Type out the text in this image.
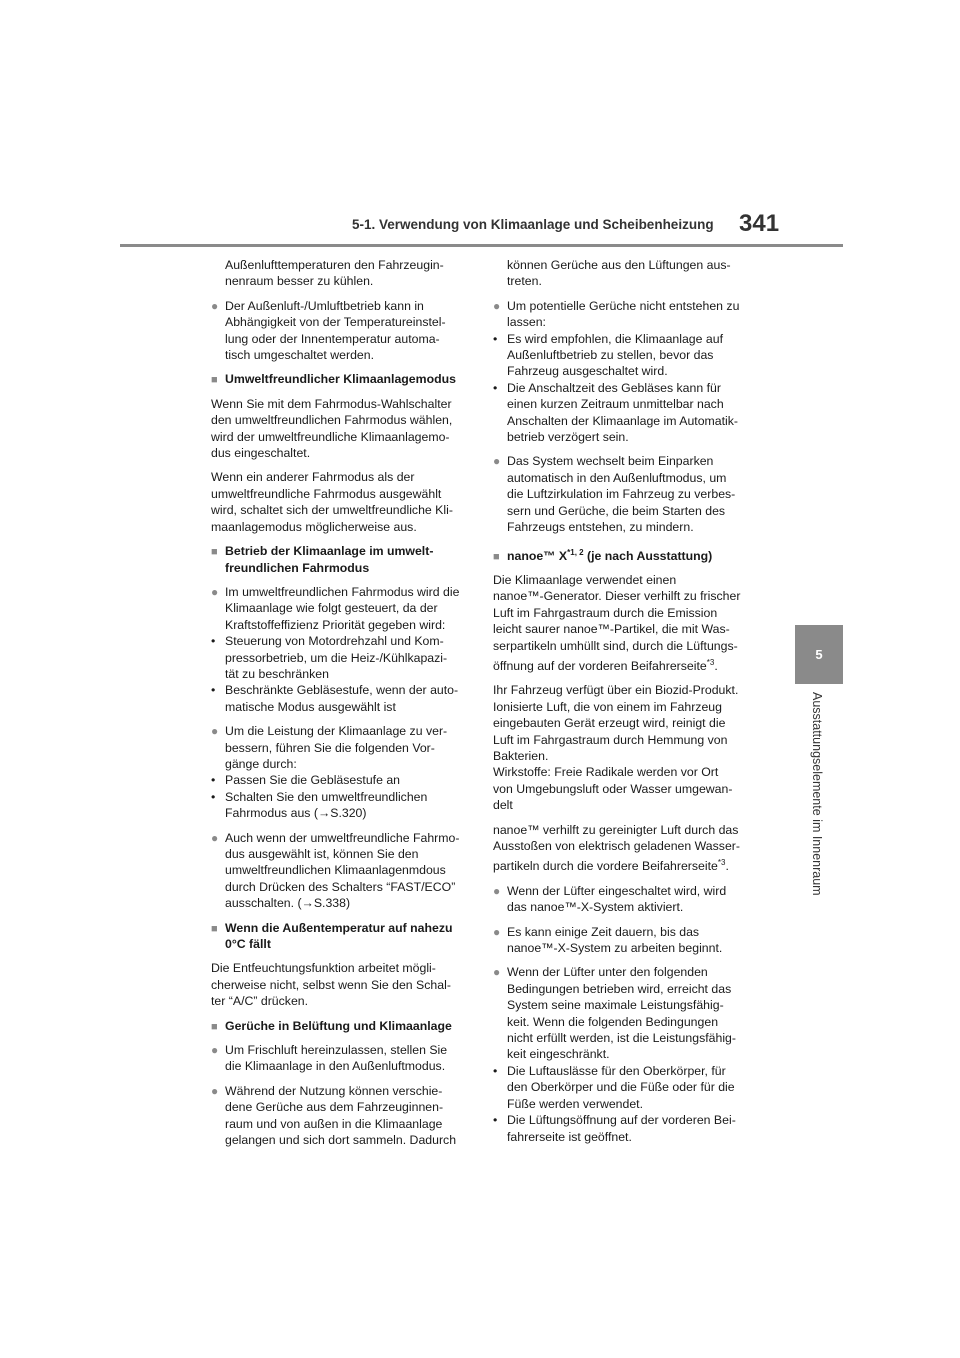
5-1. Verwendung von Klimaanlage und Scheibenheizung 341
5
Ausstattungselemente im Innenraum
Außenlufttemperaturen den Fahrzeugin-
nenraum besser zu kühlen.
●
Der Außenluft-/Umluftbetrieb kann in
Abhängigkeit von der Temperatureinstel-
lung oder der Innentemperatur automa-
tisch umgeschaltet werden.
■
Umweltfreundlicher Klimaanlagemodus
Wenn Sie mit dem Fahrmodus-Wahlschalter
den umweltfreundlichen Fahrmodus wählen,
wird der umweltfreundliche Klimaanlagemo-
dus eingeschaltet.
Wenn ein anderer Fahrmodus als der
umweltfreundliche Fahrmodus ausgewählt
wird, schaltet sich der umweltfreundliche Kli-
maanlagemodus möglicherweise aus.
■
Betrieb der Klimaanlage im umwelt-
freundlichen Fahrmodus
●
Im umweltfreundlichen Fahrmodus wird die
Klimaanlage wie folgt gesteuert, da der
Kraftstoffeffizienz Priorität gegeben wird:
• Steuerung von Motordrehzahl und Kom-
pressorbetrieb, um die Heiz-/Kühlkapazi-
tät zu beschränken
• Beschränkte Gebläsestufe, wenn der auto-
matische Modus ausgewählt ist
●
Um die Leistung der Klimaanlage zu ver-
bessern, führen Sie die folgenden Vor-
gänge durch:
• Passen Sie die Gebläsestufe an
• Schalten Sie den umweltfreundlichen
Fahrmodus aus (→S.320)
●
Auch wenn der umweltfreundliche Fahrmo-
dus ausgewählt ist, können Sie den
umweltfreundlichen Klimaanlagenmdous
durch Drücken des Schalters “FAST/ECO”
ausschalten. (→S.338)
■
Wenn die Außentemperatur auf nahezu
0°C fällt
Die Entfeuchtungsfunktion arbeitet mögli-
cherweise nicht, selbst wenn Sie den Schal-
ter “A/C” drücken.
■
Gerüche in Belüftung und Klimaanlage
●
Um Frischluft hereinzulassen, stellen Sie
die Klimaanlage in den Außenluftmodus.
●
Während der Nutzung können verschie-
dene Gerüche aus dem Fahrzeuginnen-
raum und von außen in die Klimaanlage
gelangen und sich dort sammeln. Dadurch
können Gerüche aus den Lüftungen aus-
treten.
●
Um potentielle Gerüche nicht entstehen zu
lassen:
• Es wird empfohlen, die Klimaanlage auf
Außenluftbetrieb zu stellen, bevor das
Fahrzeug ausgeschaltet wird.
• Die Anschaltzeit des Gebläses kann für
einen kurzen Zeitraum unmittelbar nach
Anschalten der Klimaanlage im Automatik-
betrieb verzögert sein.
●
Das System wechselt beim Einparken
automatisch in den Außenluftmodus, um
die Luftzirkulation im Fahrzeug zu verbes-
sern und Gerüche, die beim Starten des
Fahrzeugs entstehen, zu mindern.
■
nanoe™ X$^{*1, 2}$ (je nach Ausstattung)
Die Klimaanlage verwendet einen
nanoe™-Generator. Dieser verhilft zu frischer
Luft im Fahrgastraum durch die Emission
leicht saurer nanoe™-Partikel, die mit Was-
serpartikeln umhüllt sind, durch die Lüftungs-
öffnung auf der vorderen Beifahrerseite$^{*3}$.
Ihr Fahrzeug verfügt über ein Biozid-Produkt.
Ionisierte Luft, die von einem im Fahrzeug
eingebauten Gerät erzeugt wird, reinigt die
Luft im Fahrgastraum durch Hemmung von
Bakterien.
Wirkstoffe: Freie Radikale werden vor Ort
von Umgebungsluft oder Wasser umgewan-
delt
nanoe™ verhilft zu gereinigter Luft durch das
Ausstoßen von elektrisch geladenen Wasser-
partikeln durch die vordere Beifahrerseite$^{*3}$.
●
Wenn der Lüfter eingeschaltet wird, wird
das nanoe™-X-System aktiviert.
●
Es kann einige Zeit dauern, bis das
nanoe™-X-System zu arbeiten beginnt.
●
Wenn der Lüfter unter den folgenden
Bedingungen betrieben wird, erreicht das
System seine maximale Leistungsfähig-
keit. Wenn die folgenden Bedingungen
nicht erfüllt werden, ist die Leistungsfähig-
keit eingeschränkt.
• Die Luftauslässe für den Oberkörper, für
den Oberkörper und die Füße oder für die
Füße werden verwendet.
• Die Lüftungsöffnung auf der vorderen Bei-
fahrerseite ist geöffnet.
